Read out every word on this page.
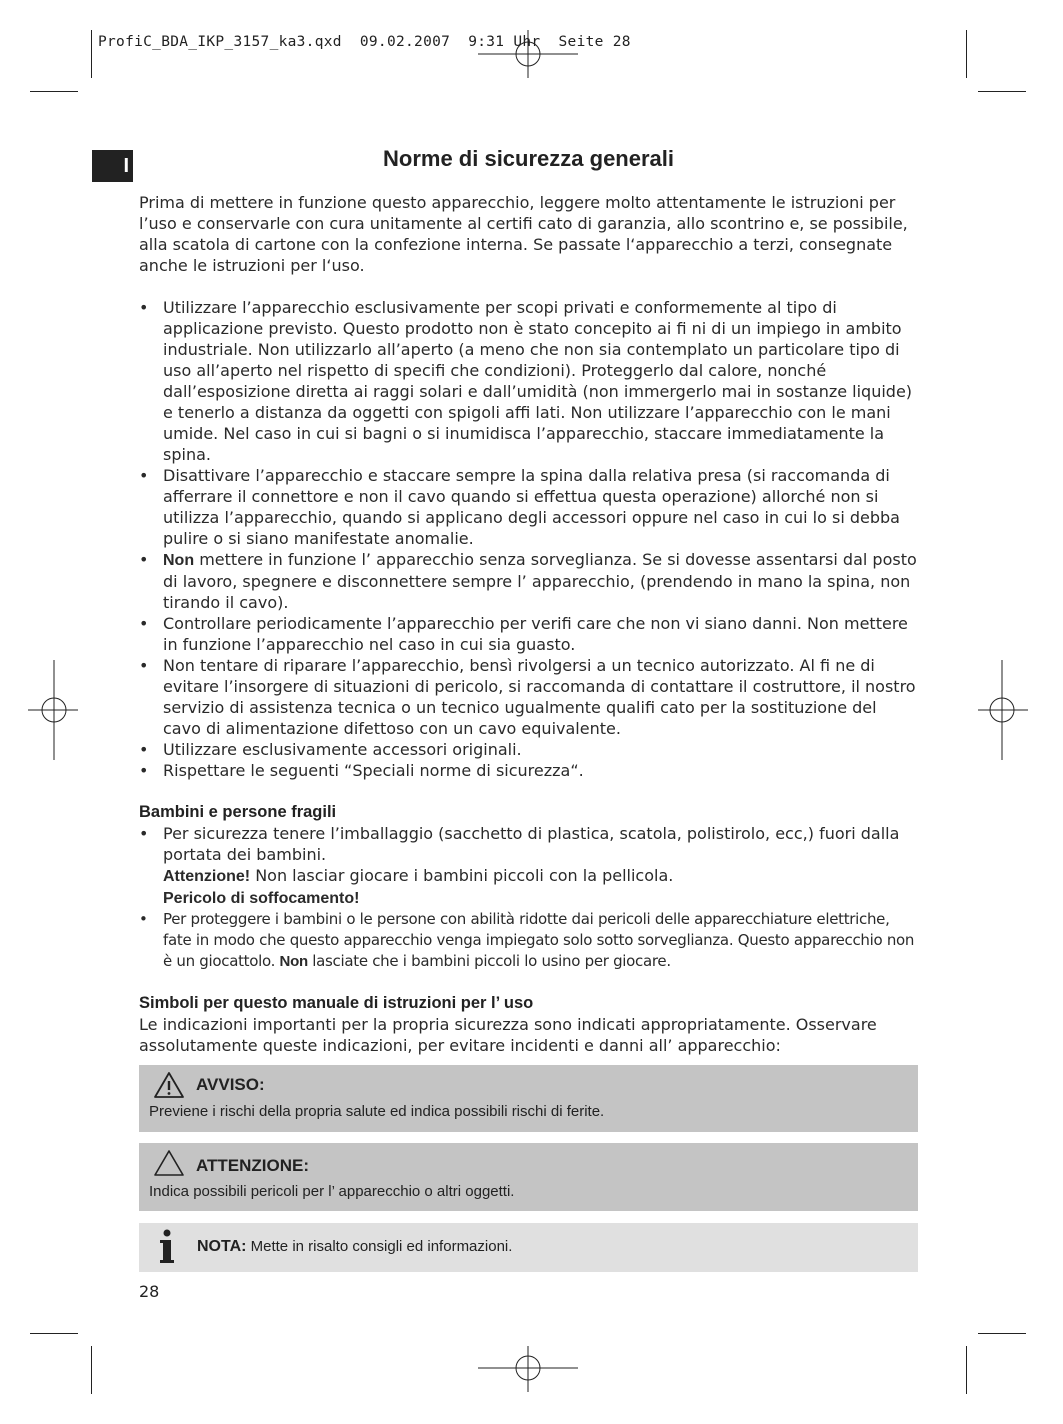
ProfiC_BDA_IKP_3157_ka3.qxd  09.02.2007  9:31 Uhr  Seite 28
I	Norme di sicurezza generali

Prima di mettere in funzione questo apparecchio, leggere molto attentamente le istruzioni per l’uso e conservarle con cura unitamente al certifi cato di garanzia, allo scontrino e, se possibile, alla scatola di cartone con la confezione interna. Se passate l‘apparecchio a terzi, consegnate anche le istruzioni per l‘uso.

• Utilizzare l’apparecchio esclusivamente per scopi privati e conformemente al tipo di applicazione previsto. Questo prodotto non è stato concepito ai fi ni di un impiego in ambito industriale. Non utilizzarlo all’aperto (a meno che non sia contemplato un particolare tipo di uso all’aperto nel rispetto di specifi che condizioni). Proteggerlo dal calore, nonché dall’esposizione diretta ai raggi solari e dall’umidità (non immergerlo mai in sostanze liquide) e tenerlo a distanza da oggetti con spigoli affi lati. Non utilizzare l’apparecchio con le mani umide. Nel caso in cui si bagni o si inumidisca l’apparecchio, staccare immediatamente la spina.
• Disattivare l’apparecchio e staccare sempre la spina dalla relativa presa (si raccomanda di afferrare il connettore e non il cavo quando si effettua questa operazione) allorché non si utilizza l’apparecchio, quando si applicano degli accessori oppure nel caso in cui lo si debba pulire o si siano manifestate anomalie.
• Non mettere in funzione l’ apparecchio senza sorveglianza. Se si dovesse assentarsi dal posto di lavoro, spegnere e disconnettere sempre l’ apparecchio, (prendendo in mano la spina, non tirando il cavo).
• Controllare periodicamente l’apparecchio per verifi care che non vi siano danni. Non mettere in funzione l’apparecchio nel caso in cui sia guasto.
• Non tentare di riparare l’apparecchio, bensì rivolgersi a un tecnico autorizzato. Al fi ne di evitare l’insorgere di situazioni di pericolo, si raccomanda di contattare il costruttore, il nostro servizio di assistenza tecnica o un tecnico ugualmente qualifi cato per la sostituzione del cavo di alimentazione difettoso con un cavo equivalente.
• Utilizzare esclusivamente accessori originali.
• Rispettare le seguenti “Speciali norme di sicurezza“.
Bambini e persone fragili
• Per sicurezza tenere l’imballaggio (sacchetto di plastica, scatola, polistirolo, ecc,) fuori dalla portata dei bambini.
Attenzione! Non lasciar giocare i bambini piccoli con la pellicola.
Pericolo di soffocamento!
• Per proteggere i bambini o le persone con abilità ridotte dai pericoli delle apparecchiature elettriche, fate in modo che questo apparecchio venga impiegato solo sotto sorveglianza. Questo apparecchio non è un giocattolo. Non lasciate che i bambini piccoli lo usino per giocare.
Simboli per questo manuale di istruzioni per l’ uso

Le indicazioni importanti per la propria sicurezza sono indicati appropriatamente. Osservare assolutamente queste indicazioni, per evitare incidenti e danni all’ apparecchio:

AVVISO:
Previene i rischi della propria salute ed indica possibili rischi di ferite.
ATTENZIONE:
Indica possibili pericoli per l’ apparecchio o altri oggetti.
NOTA: Mette in risalto consigli ed informazioni.
28
